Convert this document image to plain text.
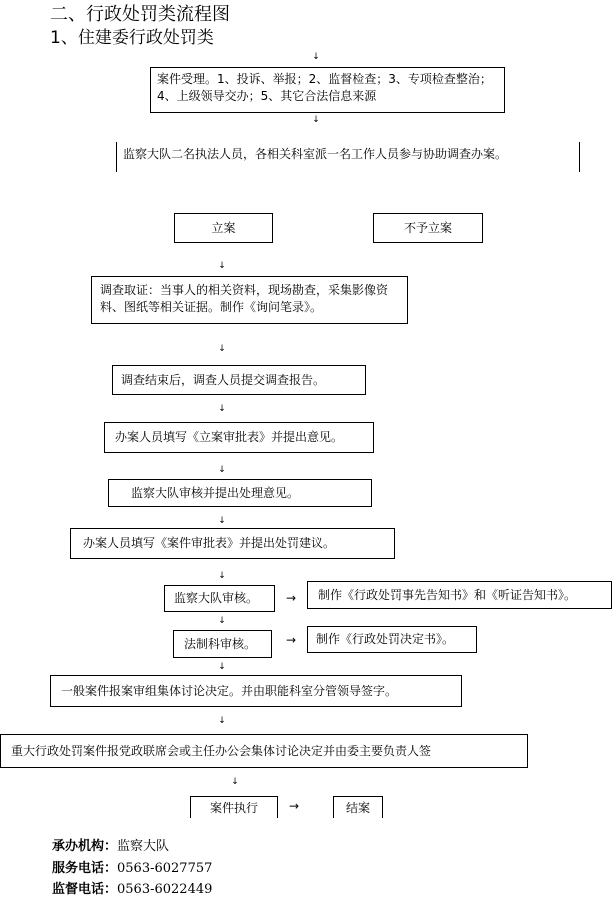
二、行政处罚类流程图
1、住建委行政处罚类
↓
案件受理。1、投诉、举报；2、监督检查；3、专项检查整治；4、上级领导交办；5、其它合法信息来源
↓
监察大队二名执法人员，各相关科室派一名工作人员参与协助调查办案。
立案	不予立案
↓
调查取证：当事人的相关资料，现场勘查，采集影像资料、图纸等相关证据。制作《询问笔录》。
↓
调查结束后，调查人员提交调查报告。
↓
办案人员填写《立案审批表》并提出意见。
↓
监察大队审核并提出处理意见。
↓
办案人员填写《案件审批表》并提出处罚建议。
↓
监察大队审核。	→	制作《行政处罚事先告知书》和《听证告知书》。
↓
法制科审核。	→	制作《行政处罚决定书》。
↓
一般案件报案审组集体讨论决定。并由职能科室分管领导签字。
↓
重大行政处罚案件报党政联席会或主任办公会集体讨论决定并由委主要负责人签
↓
案件执行	→	结案
承办机构：监察大队
服务电话：0563-6027757
监督电话：0563-6022449
